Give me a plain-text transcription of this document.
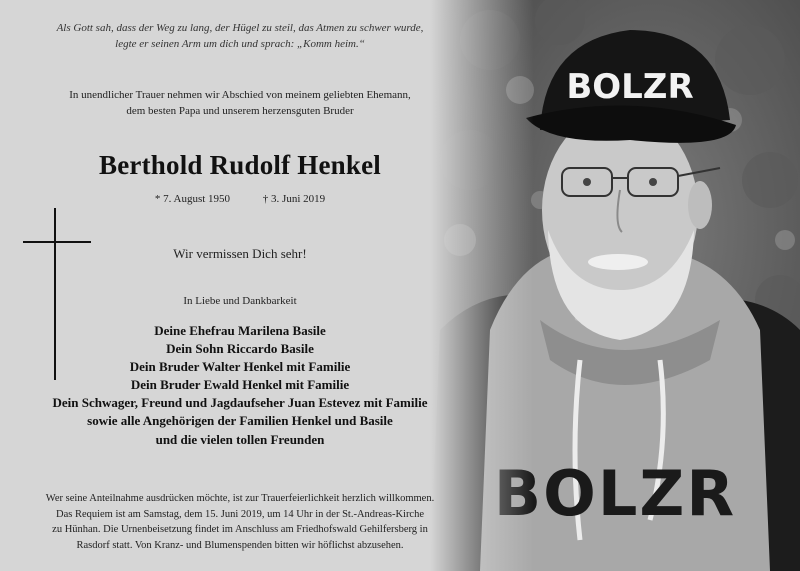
Als Gott sah, dass der Weg zu lang, der Hügel zu steil, das Atmen zu schwer wurde,

legte er seinen Arm um dich und sprach: „Komm heim.“

In unendlicher Trauer nehmen wir Abschied von meinem geliebten Ehemann,
dem besten Papa und unserem herzensguten Bruder
Berthold Rudolf Henkel
* 7. August 1950	† 3. Juni 2019
Wir vermissen Dich sehr!
In Liebe und Dankbarkeit
Deine Ehefrau Marilena Basile
Dein Sohn Riccardo Basile
Dein Bruder Walter Henkel mit Familie
Dein Bruder Ewald Henkel mit Familie
Dein Schwager, Freund und Jagdaufseher Juan Estevez mit Familie
sowie alle Angehörigen der Familien Henkel und Basile
und die vielen tollen Freunden
Wer seine Anteilnahme ausdrücken möchte, ist zur Trauerfeierlichkeit herzlich willkommen.
Das Requiem ist am Samstag, dem 15. Juni 2019, um 14 Uhr in der St.-Andreas-Kirche
zu Hünhan. Die Urnenbeisetzung findet im Anschluss am Friedhofswald Gehilfersberg in
Rasdorf statt. Von Kranz- und Blumenspenden bitten wir höflichst abzusehen.
